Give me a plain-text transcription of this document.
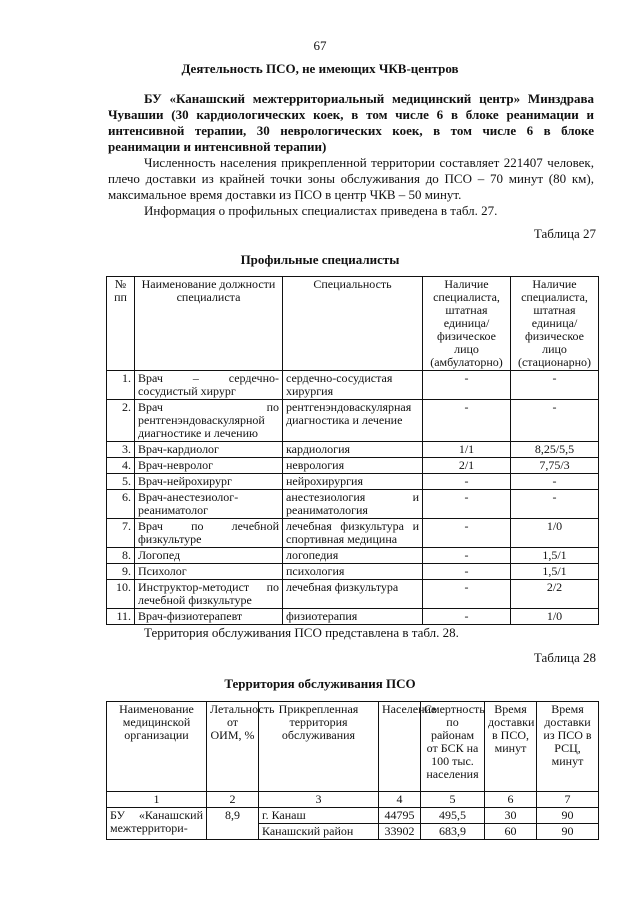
67
Деятельность ПСО, не имеющих ЧКВ-центров

БУ «Канашский межтерриториальный медицинский центр» Минздрава Чувашии (30 кардиологических коек, в том числе 6 в блоке реанимации и интенсивной терапии, 30 неврологических коек, в том числе 6 в блоке реанимации и интенсивной терапии)

Численность населения прикрепленной территории составляет 221407 человек, плечо доставки из крайней точки зоны обслуживания до ПСО – 70 минут (80 км), максимальное время доставки из ПСО в центр ЧКВ – 50 минут.

Информация о профильных специалистах приведена в табл. 27.

Таблица 27
Профильные специалисты
№ пп	Наименование должности специалиста	Специальность	Наличие специалиста, штатная единица/ физическое лицо (амбулаторно)	Наличие специалиста, штатная единица/ физическое лицо (стационарно)
1.	Врач – сердечно-сосудистый хирург	сердечно-сосудистая хирургия	-	-
2.	Врач по рентгенэндоваскулярной диагностике и лечению	рентгенэндоваскулярная диагностика и лечение	-	-
3.	Врач-кардиолог	кардиология	1/1	8,25/5,5
4.	Врач-невролог	неврология	2/1	7,75/3
5.	Врач-нейрохирург	нейрохирургия	-	-
6.	Врач-анестезиолог-реаниматолог	анестезиология и реаниматология	-	-
7.	Врач по лечебной физкультуре	лечебная физкультура и спортивная медицина	-	1/0
8.	Логопед	логопедия	-	1,5/1
9.	Психолог	психология	-	1,5/1
10.	Инструктор-методист по лечебной физкультуре	лечебная физкультура	-	2/2
11.	Врач-физиотерапевт	физиотерапия	-	1/0

Территория обслуживания ПСО представлена в табл. 28.

Таблица 28
Территория обслуживания ПСО
Наименование медицинской организации	Летальность от ОИМ, %	Прикрепленная территория обслуживания	Население	Смертность по районам от БСК на 100 тыс. населения	Время доставки в ПСО, минут	Время доставки из ПСО в РСЦ, минут
1	2	3	4	5	6	7
БУ «Канашский межтерритори-	8,9	г. Канаш	44795	495,5	30	90
		Канашский район	33902	683,9	60	90
